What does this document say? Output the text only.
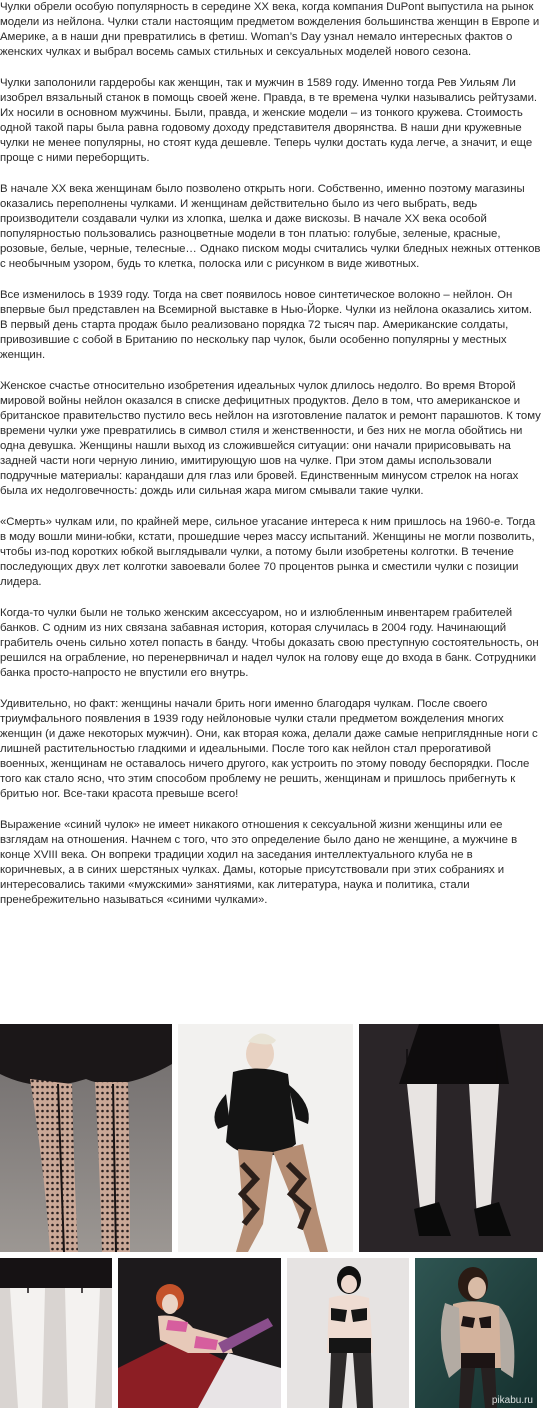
Чулки обрели особую популярность в середине XX века, когда компания DuPont выпустила на рынок модели из нейлона. Чулки стали настоящим предметом вожделения большинства женщин в Европе и Америке, а в наши дни превратились в фетиш. Woman’s Day узнал немало интересных фактов о женских чулках и выбрал восемь самых стильных и сексуальных моделей нового сезона.

Чулки заполонили гардеробы как женщин, так и мужчин в 1589 году. Именно тогда Рев Уильям Ли изобрел вязальный станок в помощь своей жене. Правда, в те времена чулки назывались рейтузами. Их носили в основном мужчины. Были, правда, и женские модели – из тонкого кружева. Стоимость одной такой пары была равна годовому доходу представителя дворянства. В наши дни кружевные чулки не менее популярны, но стоят куда дешевле. Теперь чулки достать куда легче, а значит, и еще проще с ними переборщить.

В начале XX века женщинам было позволено открыть ноги. Собственно, именно поэтому магазины оказались переполнены чулками. И женщинам действительно было из чего выбрать, ведь производители создавали чулки из хлопка, шелка и даже вискозы. В начале XX века особой популярностью пользовались разноцветные модели в тон платью: голубые, зеленые, красные, розовые, белые, черные, телесные… Однако писком моды считались чулки бледных нежных оттенков с необычным узором, будь то клетка, полоска или с рисунком в виде животных.

Все изменилось в 1939 году. Тогда на свет появилось новое синтетическое волокно – нейлон. Он впервые был представлен на Всемирной выставке в Нью-Йорке. Чулки из нейлона оказались хитом. В первый день старта продаж было реализовано порядка 72 тысяч пар. Американские солдаты, привозившие с собой в Британию по нескольку пар чулок, были особенно популярны у местных женщин.

Женское счастье относительно изобретения идеальных чулок длилось недолго. Во время Второй мировой войны нейлон оказался в списке дефицитных продуктов. Дело в том, что американское и британское правительство пустило весь нейлон на изготовление палаток и ремонт парашютов. К тому времени чулки уже превратились в символ стиля и женственности, и без них не могла обойтись ни одна девушка. Женщины нашли выход из сложившейся ситуации: они начали пририсовывать на задней части ноги черную линию, имитирующую шов на чулке. При этом дамы использовали подручные материалы: карандаши для глаз или бровей. Единственным минусом стрелок на ногах была их недолговечность: дождь или сильная жара мигом смывали такие чулки.

«Смерть» чулкам или, по крайней мере, сильное угасание интереса к ним пришлось на 1960-е. Тогда в моду вошли мини-юбки, кстати, прошедшие через массу испытаний. Женщины не могли позволить, чтобы из-под коротких юбкой выглядывали чулки, а потому были изобретены колготки. В течение последующих двух лет колготки завоевали более 70 процентов рынка и сместили чулки с позиции лидера.

Когда-то чулки были не только женским аксессуаром, но и излюбленным инвентарем грабителей банков. С одним из них связана забавная история, которая случилась в 2004 году. Начинающий грабитель очень сильно хотел попасть в банду. Чтобы доказать свою преступную состоятельность, он решился на ограбление, но перенервничал и надел чулок на голову еще до входа в банк. Сотрудники банка просто-напросто не впустили его внутрь.

Удивительно, но факт: женщины начали брить ноги именно благодаря чулкам. После своего триумфального появления в 1939 году нейлоновые чулки стали предметом вожделения многих женщин (и даже некоторых мужчин). Они, как вторая кожа, делали даже самые непригляднные ноги с лишней растительностью гладкими и идеальными. После того как нейлон стал прерогативой военных, женщинам не оставалось ничего другого, как устроить по этому поводу беспорядки. После того как стало ясно, что этим способом проблему не решить, женщинам и пришлось прибегнуть к бритью ног. Все-таки красота превыше всего!

Выражение «синий чулок» не имеет никакого отношения к сексуальной жизни женщины или ее взглядам на отношения. Начнем с того, что это определение было дано не женщине, а мужчине в конце XVIII века. Он вопреки традиции ходил на заседания интеллектуального клуба не в коричневых, а в синих шерстяных чулках. Дамы, которые присутствовали при этих собраниях и интересовались такими «мужскими» занятиями, как литература, наука и политика, стали пренебрежительно называться «синими чулками».

pikabu.ru
